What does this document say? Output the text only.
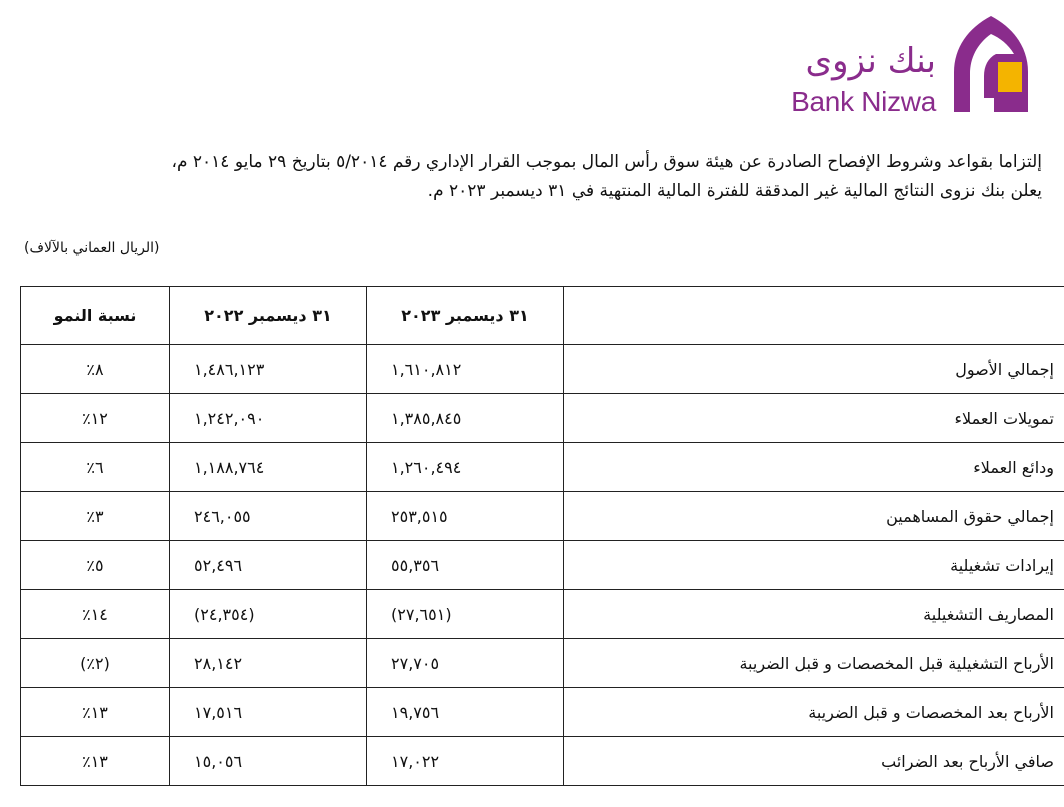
بنك نزوى
Bank Nizwa
إلتزاما بقواعد وشروط الإفصاح الصادرة عن هيئة سوق رأس المال بموجب القرار الإداري رقم ٥/٢٠١٤ بتاريخ ٢٩ مايو ٢٠١٤ م،
يعلن بنك نزوى النتائج المالية غير المدققة للفترة المالية المنتهية في ٣١ ديسمبر ٢٠٢٣ م.
(الريال العماني بالآلاف)
	٣١ ديسمبر ٢٠٢٣	٣١ ديسمبر ٢٠٢٢	نسبة النمو
إجمالي الأصول	١,٦١٠,٨١٢	١,٤٨٦,١٢٣	٨٪
تمويلات العملاء	١,٣٨٥,٨٤٥	١,٢٤٢,٠٩٠	١٢٪
ودائع العملاء	١,٢٦٠,٤٩٤	١,١٨٨,٧٦٤	٦٪
إجمالي حقوق المساهمين	٢٥٣,٥١٥	٢٤٦,٠٥٥	٣٪
إيرادات تشغيلية	٥٥,٣٥٦	٥٢,٤٩٦	٥٪
المصاريف التشغيلية	(٢٧,٦٥١)	(٢٤,٣٥٤)	١٤٪
الأرباح التشغيلية قبل المخصصات و قبل الضريبة	٢٧,٧٠٥	٢٨,١٤٢	(٢٪)
الأرباح بعد المخصصات و قبل الضريبة	١٩,٧٥٦	١٧,٥١٦	١٣٪
صافي الأرباح بعد الضرائب	١٧,٠٢٢	١٥,٠٥٦	١٣٪
